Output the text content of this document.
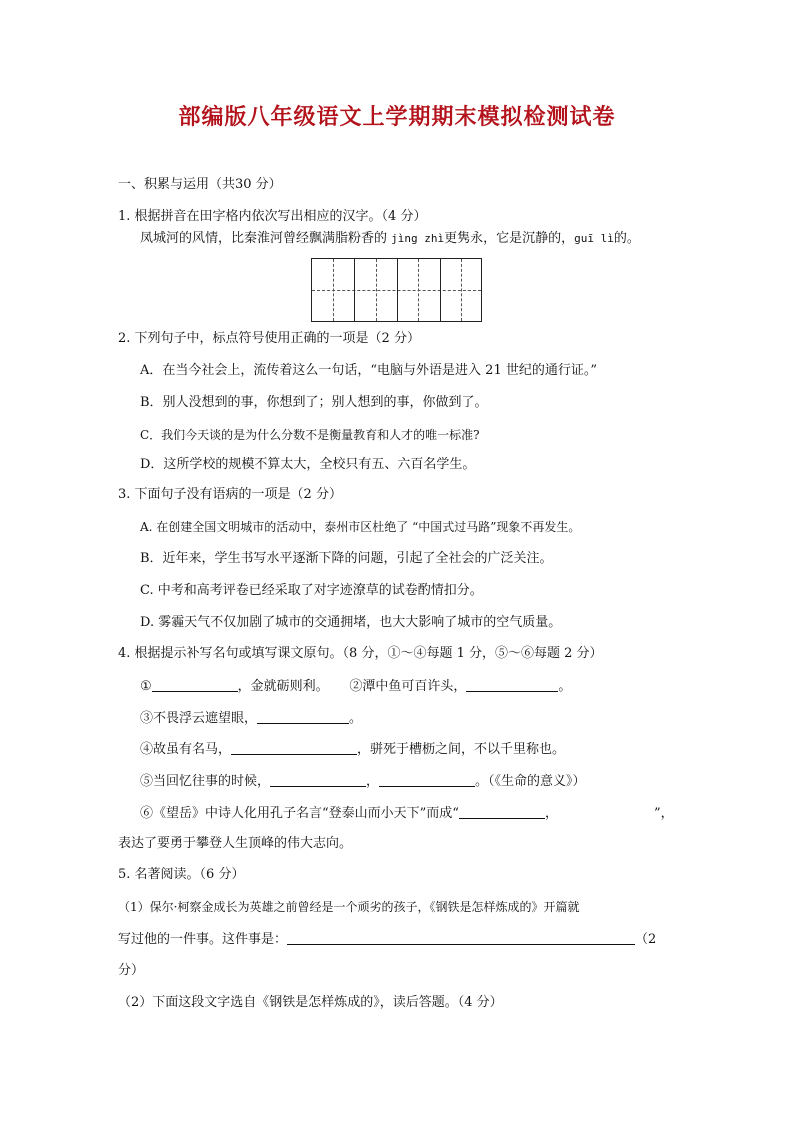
部编版八年级语文上学期期末模拟检测试卷
一、积累与运用（共30 分）
1. 根据拼音在田字格内依次写出相应的汉字。（4 分）
凤城河的风情，比秦淮河曾经飘满脂粉香的 jìng zhì更隽永，它是沉静的，guī lì的。
2. 下列句子中，标点符号使用正确的一项是（2 分）
A．在当今社会上，流传着这么一句话，“电脑与外语是进入 21 世纪的通行证。”
B．别人没想到的事，你想到了；别人想到的事，你做到了。
C．我们今天谈的是为什么分数不是衡量教育和人才的唯一标准?
D．这所学校的规模不算太大，全校只有五、六百名学生。
3. 下面句子没有语病的一项是（2 分）
A. 在创建全国文明城市的活动中，泰州市区杜绝了 “中国式过马路”现象不再发生。
B．近年来，学生书写水平逐渐下降的问题，引起了全社会的广泛关注。
C. 中考和高考评卷已经采取了对字迹潦草的试卷酌情扣分。
D. 雾霾天气不仅加剧了城市的交通拥堵，也大大影响了城市的空气质量。
4. 根据提示补写名句或填写课文原句。（8 分，①～④每题 1 分，⑤～⑥每题 2 分）
①	，金就砺则利。 ②潭中鱼可百许头，	。
③不畏浮云遮望眼，	。
④故虽有名马，	，骈死于槽枥之间，不以千里称也。
⑤当回忆往事的时候，	，	。（《生命的意义》）
⑥《望岳》中诗人化用孔子名言“登泰山而小天下”而成“	，	”，
表达了要勇于攀登人生顶峰的伟大志向。
5. 名著阅读。（6 分）
（1）保尔·柯察金成长为英雄之前曾经是一个顽劣的孩子，《钢铁是怎样炼成的》开篇就
写过他的一件事。这件事是：	（2
分）
（2）下面这段文字选自《钢铁是怎样炼成的》，读后答题。（4 分）
